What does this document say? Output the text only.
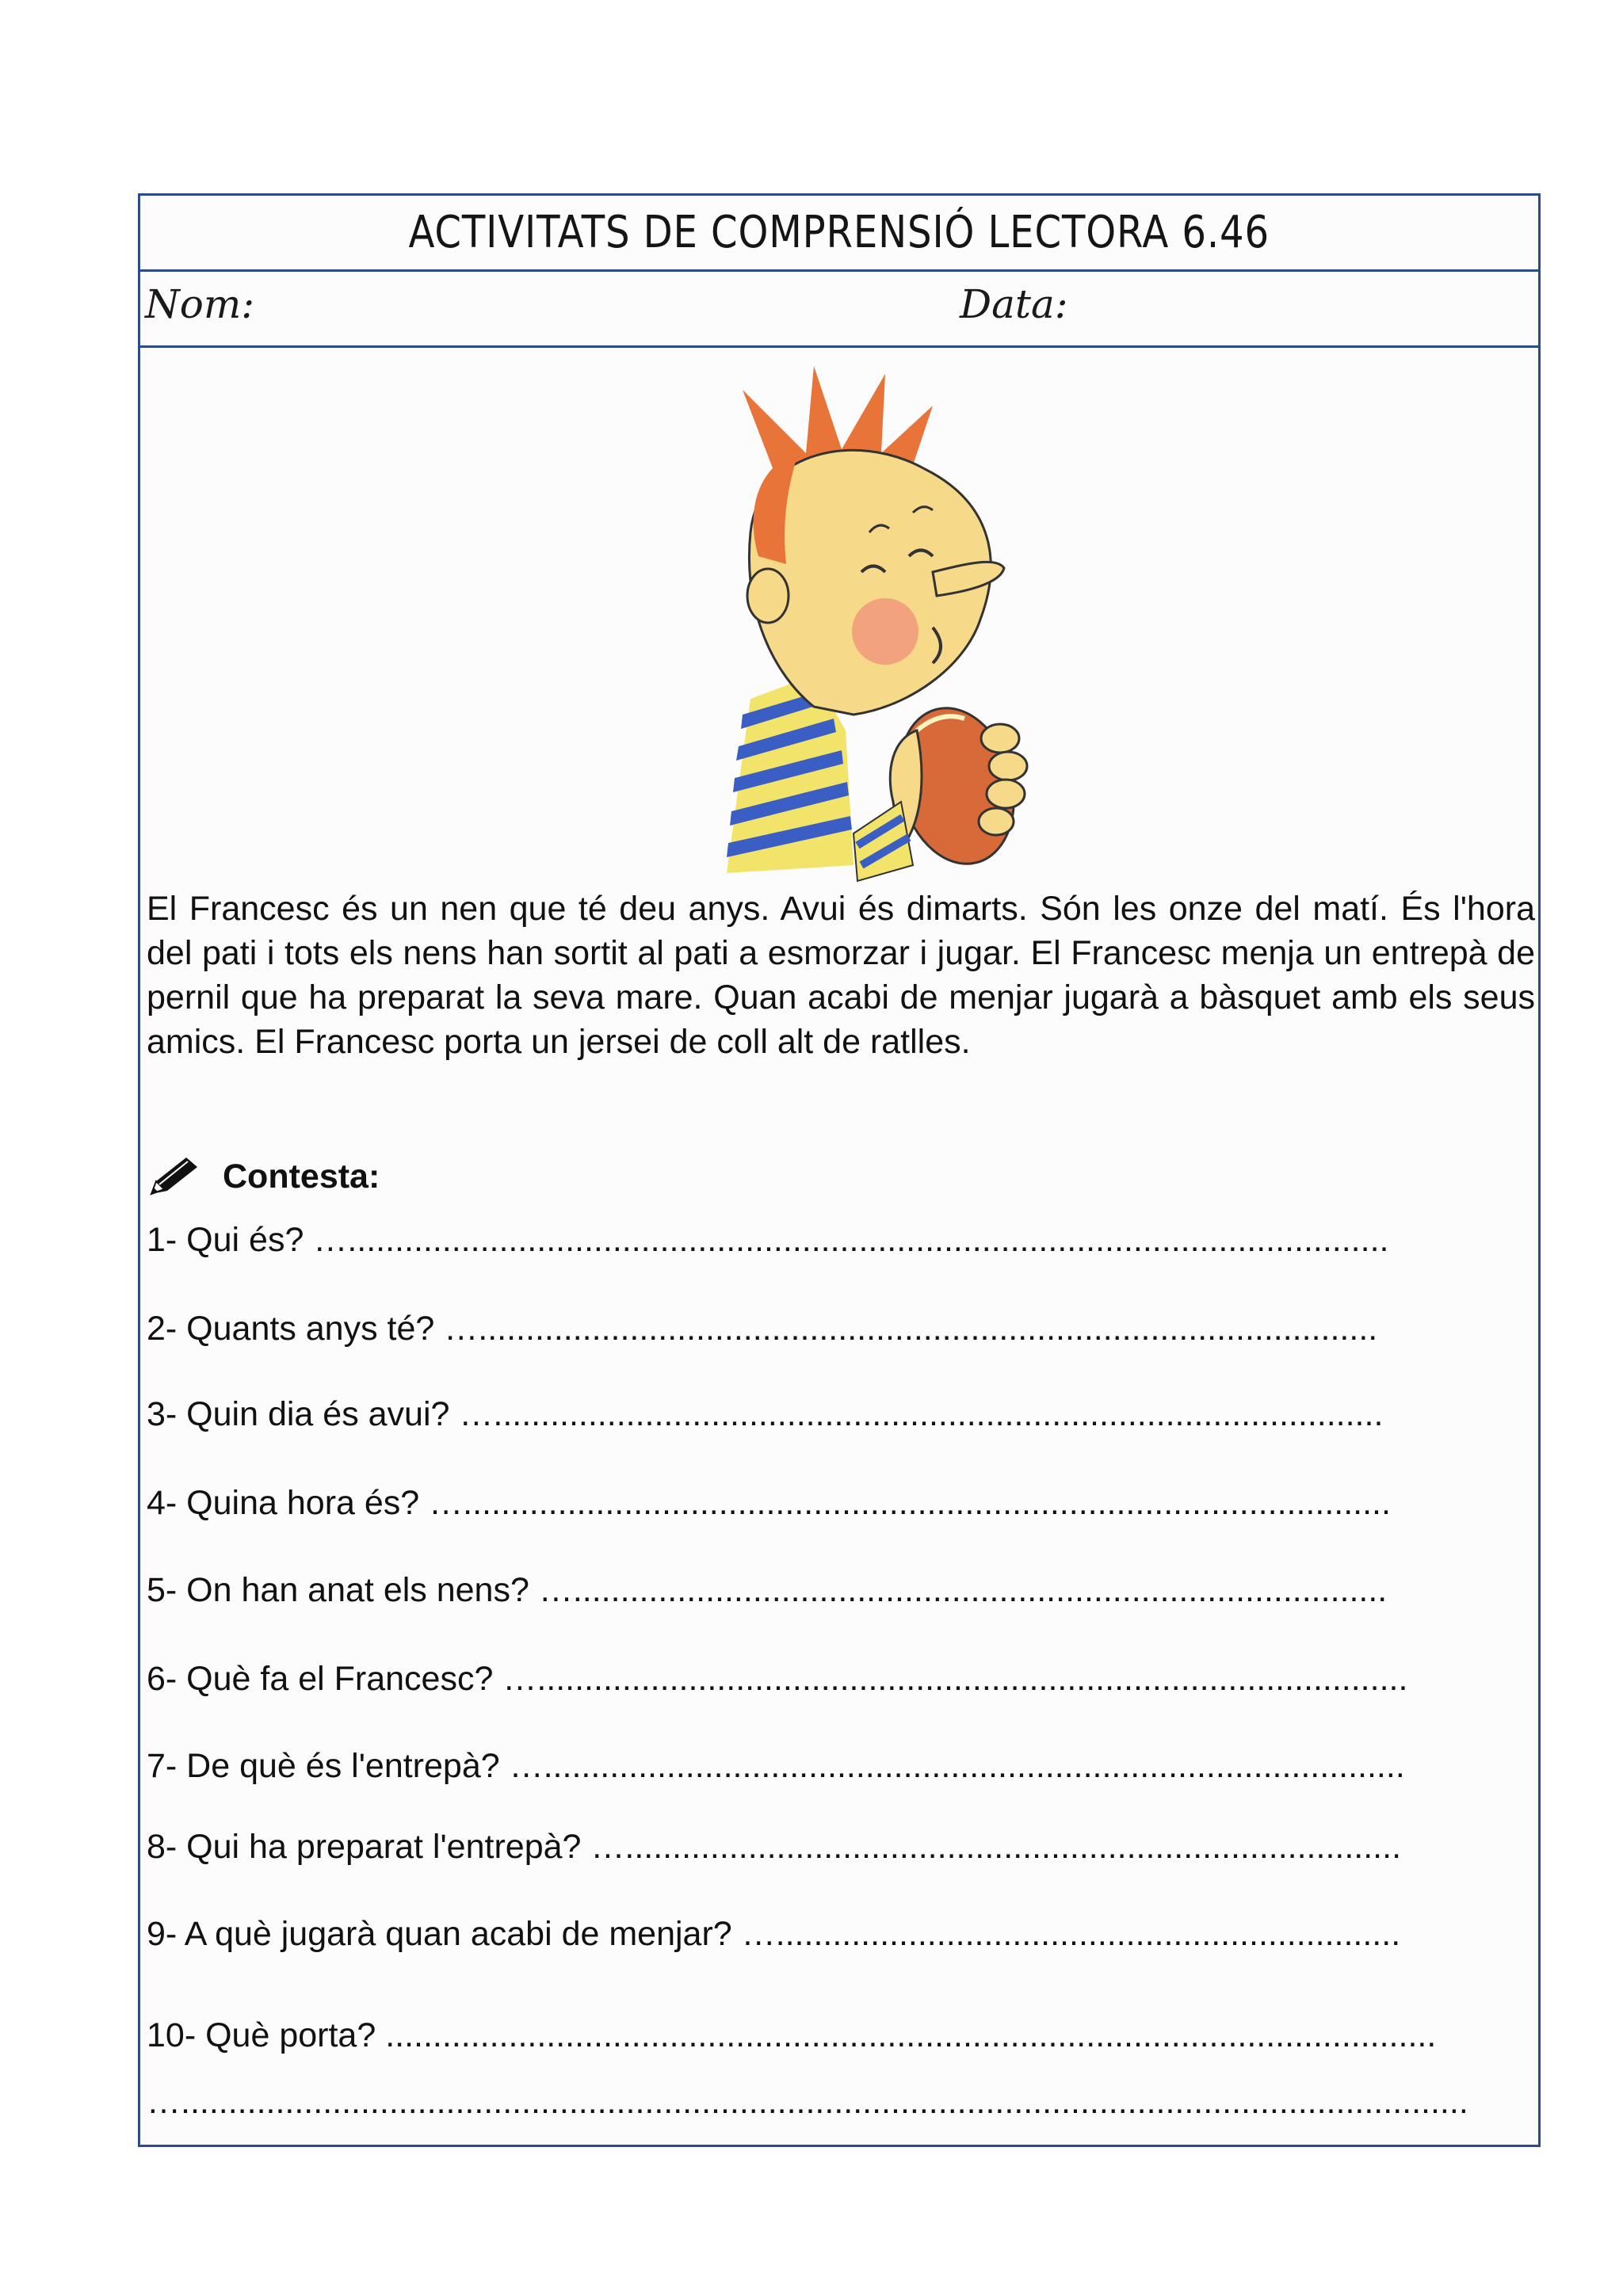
ACTIVITATS DE COMPRENSIÓ LECTORA 6.46
Nom:	Data:

El Francesc és un nen que té deu anys. Avui és dimarts. Són les onze del matí. És l'hora del pati i tots els nens han sortit al pati a esmorzar i jugar. El Francesc menja un entrepà de pernil que ha preparat la seva mare. Quan acabi de menjar jugarà a bàsquet amb els seus amics. El Francesc porta un jersei de coll alt de ratlles.

Contesta:
1- Qui és? …..............................................................................................................
2- Quants anys té? …...............................................................................................
3- Quin dia és avui? …..............................................................................................
4- Quina hora és? …..................................................................................................
5- On han anat els nens? …......................................................................................
6- Què fa el Francesc? …............................................................................................
7- De què és l'entrepà? …...........................................................................................
8- Qui ha preparat l'entrepà? …..................................................................................
9- A què jugarà quan acabi de menjar? …..................................................................
10- Què porta? ...............................................................................................................
…........................................................................................................................................
